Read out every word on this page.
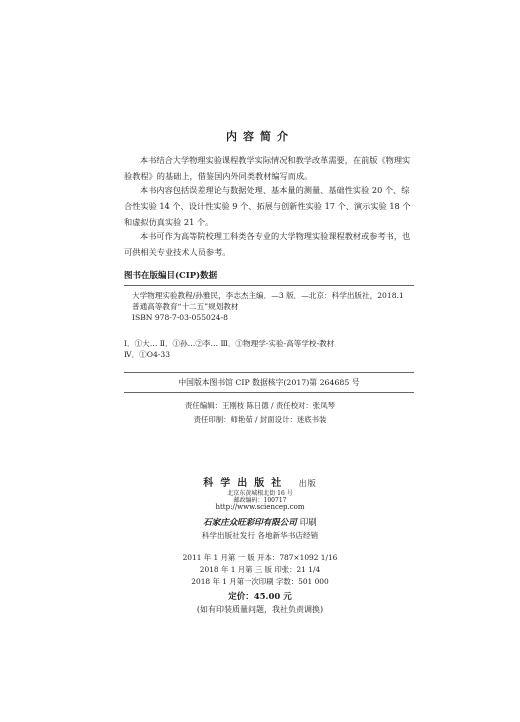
内容简介
本书结合大学物理实验课程教学实际情况和教学改革需要，在前版《物理实验教程》的基础上，借鉴国内外同类教材编写而成。
本书内容包括误差理论与数据处理、基本量的测量、基础性实验 20 个、综合性实验 14 个、设计性实验 9 个、拓展与创新性实验 17 个、演示实验 18 个和虚拟仿真实验 21 个。
本书可作为高等院校理工科类各专业的大学物理实验课程教材或参考书，也可供相关专业技术人员参考。
图书在版编目(CIP)数据
大学物理实验教程/孙雅民，李志杰主编．—3 版．—北京：科学出版社，2018.1
普通高等教育“十二五”规划教材
ISBN 978-7-03-055024-8
Ⅰ．①大… Ⅱ．①孙…②李… Ⅲ．①物理学-实验-高等学校-教材
Ⅳ．①O4-33
中国版本图书馆 CIP 数据核字(2017)第 264685 号
责任编辑：王刚枝 陈日德 / 责任校对：张凤琴
责任印制：师艳茹 / 封面设计：迷底书装
科学出版社 出版
北京东黄城根北街 16 号
邮政编码：100717
http://www.sciencep.com
石家庄众旺彩印有限公司 印刷
科学出版社发行 各地新华书店经销
2011 年 1 月第 一 版 开本：787×1092 1/16
2018 年 1 月第 三 版 印张：21 1/4
2018 年 1 月第一次印刷 字数：501 000
定价：45.00 元
(如有印装质量问题，我社负责调换)
